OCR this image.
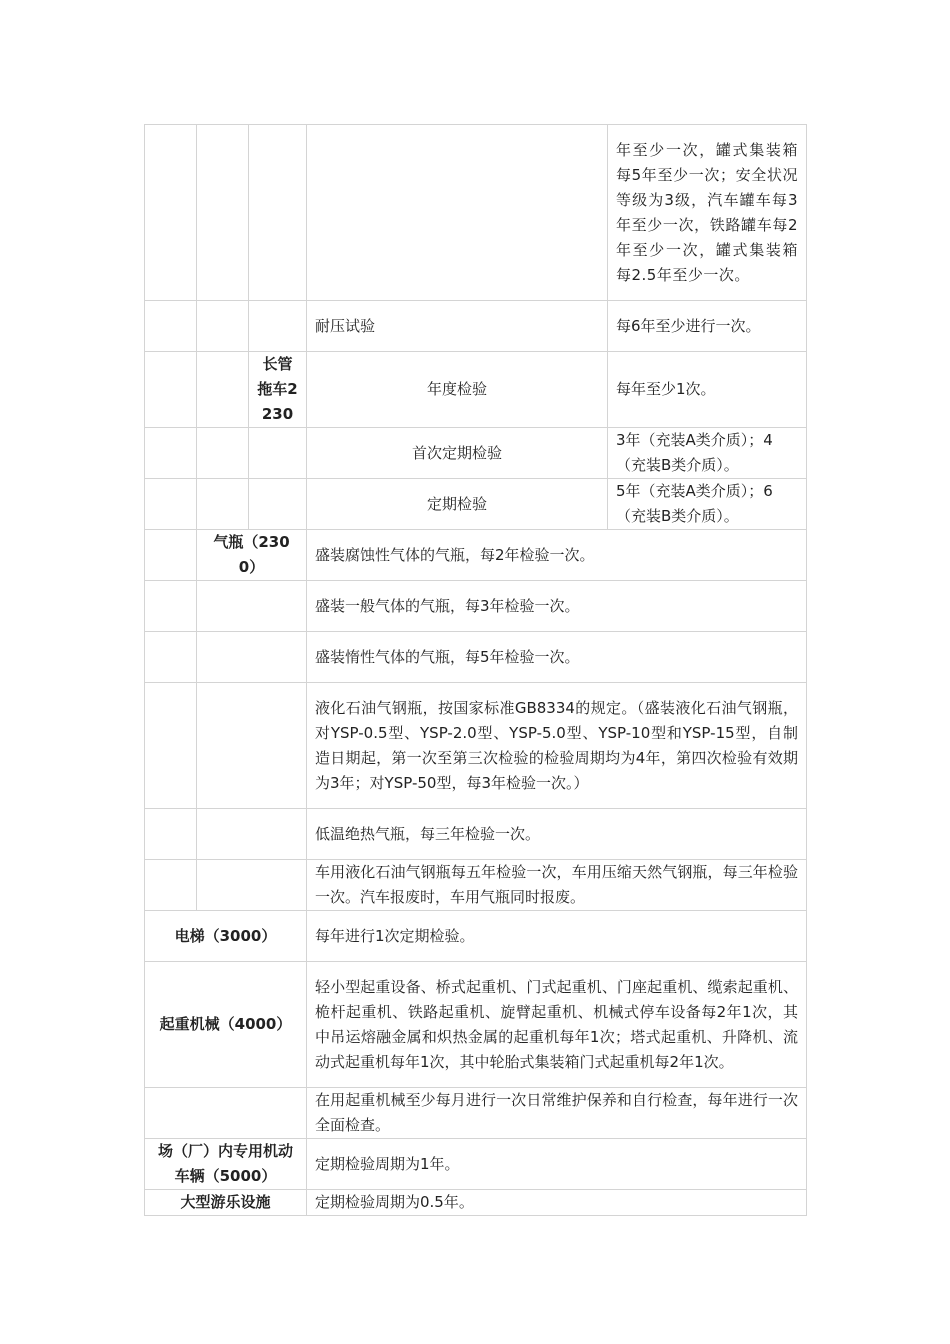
				年至少一次，罐式集装箱每5年至少一次；安全状况等级为3级，汽车罐车每3年至少一次，铁路罐车每2年至少一次，罐式集装箱每2.5年至少一次。
			耐压试验	每6年至少进行一次。
		长管拖车2230	年度检验	每年至少1次。
			首次定期检验	3年（充装A类介质）；4（充装B类介质）。
			定期检验	5年（充装A类介质）；6（充装B类介质）。
	气瓶（2300）		盛装腐蚀性气体的气瓶，每2年检验一次。	
			盛装一般气体的气瓶，每3年检验一次。	
			盛装惰性气体的气瓶，每5年检验一次。	
			液化石油气钢瓶，按国家标准GB8334的规定。（盛装液化石油气钢瓶，对YSP-0.5型、YSP-2.0型、YSP-5.0型、YSP-10型和YSP-15型，自制造日期起，第一次至第三次检验的检验周期均为4年，第四次检验有效期为3年；对YSP-50型，每3年检验一次。）	
			低温绝热气瓶，每三年检验一次。	
			车用液化石油气钢瓶每五年检验一次，车用压缩天然气钢瓶，每三年检验一次。汽车报废时，车用气瓶同时报废。	
电梯（3000）			每年进行1次定期检验。	
起重机械（4000）			轻小型起重设备、桥式起重机、门式起重机、门座起重机、缆索起重机、桅杆起重机、铁路起重机、旋臂起重机、机械式停车设备每2年1次，其中吊运熔融金属和炽热金属的起重机每年1次；塔式起重机、升降机、流动式起重机每年1次，其中轮胎式集装箱门式起重机每2年1次。	
			在用起重机械至少每月进行一次日常维护保养和自行检查，每年进行一次全面检查。	
场（厂）内专用机动车辆（5000）			定期检验周期为1年。	
大型游乐设施			定期检验周期为0.5年。	
